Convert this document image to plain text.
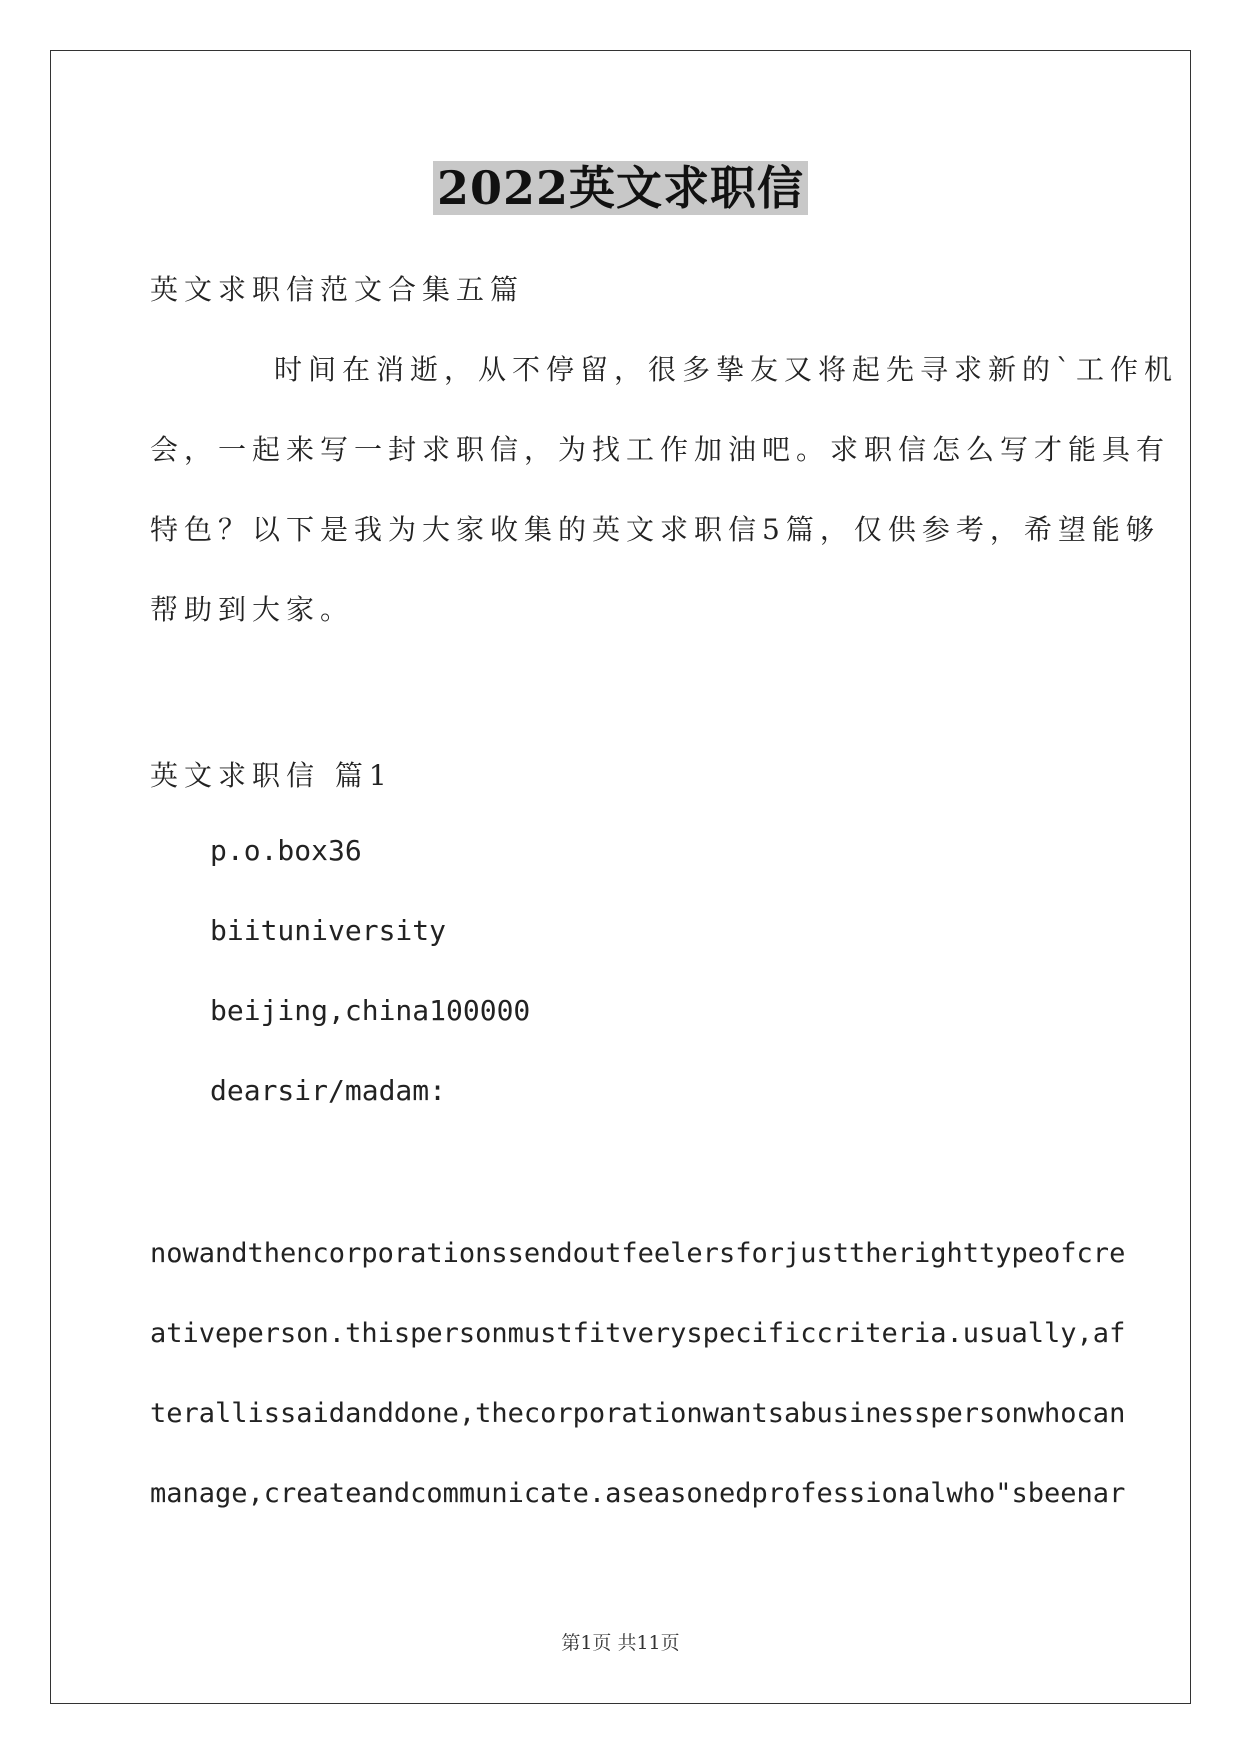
2022英文求职信
英文求职信范文合集五篇
时间在消逝，从不停留，很多挚友又将起先寻求新的`工作机
会，一起来写一封求职信，为找工作加油吧。求职信怎么写才能具有
特色？以下是我为大家收集的英文求职信5篇，仅供参考，希望能够
帮助到大家。
英文求职信 篇1
p.o.box36
biituniversity
beijing,china100000
dearsir/madam:
nowandthencorporationssendoutfeelersforjusttherighttypeofcre
ativeperson.thispersonmustfitveryspecificcriteria.usually,af
terallissaidanddone,thecorporationwantsabusinesspersonwhocan
manage,createandcommunicate.aseasonedprofessionalwho"sbeenar
第1页 共11页
